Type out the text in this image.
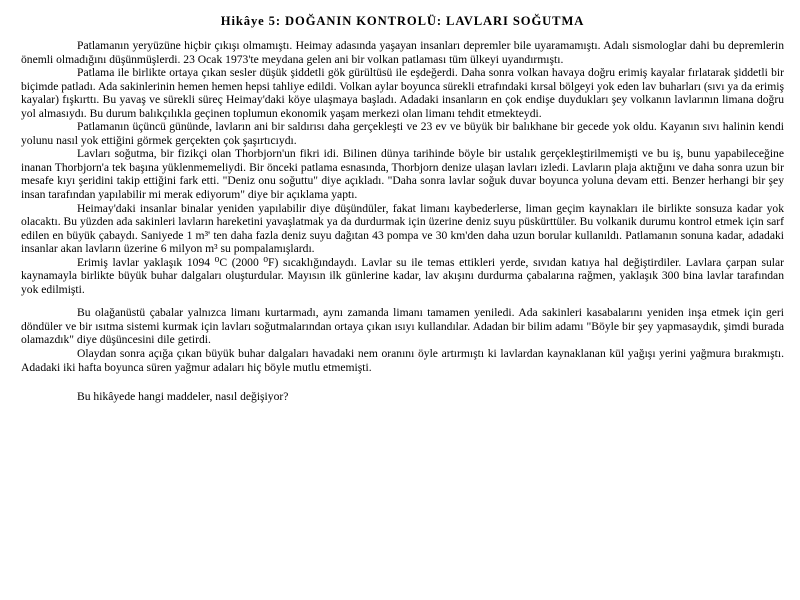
Hikâye 5: DOĞANIN KONTROLÜ: LAVLARI SOĞUTMA

Patlamanın yeryüzüne hiçbir çıkışı olmamıştı. Heimay adasında yaşayan insanları depremler bile uyaramamıştı. Adalı sismologlar dahi bu depremlerin önemli olmadığını düşünmüşlerdi. 23 Ocak 1973'te meydana gelen ani bir volkan patlaması tüm ülkeyi uyandırmıştı.

Patlama ile birlikte ortaya çıkan sesler düşük şiddetli gök gürültüsü ile eşdeğerdi. Daha sonra volkan havaya doğru erimiş kayalar fırlatarak şiddetli bir biçimde patladı. Ada sakinlerinin hemen hemen hepsi tahliye edildi. Volkan aylar boyunca sürekli etrafındaki kırsal bölgeyi yok eden lav buharları (sıvı ya da erimiş kayalar) fışkırttı. Bu yavaş ve sürekli süreç Heimay'daki köye ulaşmaya başladı. Adadaki insanların en çok endişe duydukları şey volkanın lavlarının limana doğru yol almasıydı. Bu durum balıkçılıkla geçinen toplumun ekonomik yaşam merkezi olan limanı tehdit etmekteydi.

Patlamanın üçüncü gününde, lavların ani bir saldırısı daha gerçekleşti ve 23 ev ve büyük bir balıkhane bir gecede yok oldu. Kayanın sıvı halinin kendi yolunu nasıl yok ettiğini görmek gerçekten çok şaşırtıcıydı.

Lavları soğutma, bir fizikçi olan Thorbjorn'un fikri idi. Bilinen dünya tarihinde böyle bir ustalık gerçekleştirilmemişti ve bu iş, bunu yapabileceğine inanan Thorbjorn'a tek başına yüklenmemeliydi. Bir önceki patlama esnasında, Thorbjorn denize ulaşan lavları izledi. Lavların plaja aktığını ve daha sonra uzun bir mesafe kıyı şeridini takip ettiğini fark etti. "Deniz onu soğuttu" diye açıkladı. "Daha sonra lavlar soğuk duvar boyunca yoluna devam etti. Benzer herhangi bir şey insan tarafından yapılabilir mi merak ediyorum" diye bir açıklama yaptı.

Heimay'daki insanlar binalar yeniden yapılabilir diye düşündüler, fakat limanı kaybederlerse, liman geçim kaynakları ile birlikte sonsuza kadar yok olacaktı. Bu yüzden ada sakinleri lavların hareketini yavaşlatmak ya da durdurmak için üzerine deniz suyu püskürttüler. Bu volkanik durumu kontrol etmek için sarf edilen en büyük çabaydı. Saniyede 1 m³' ten daha fazla deniz suyu dağıtan 43 pompa ve 30 km'den daha uzun borular kullanıldı. Patlamanın sonuna kadar, adadaki insanlar akan lavların üzerine 6 milyon m³ su pompalamışlardı.

Erimiş lavlar yaklaşık 1094 ⁰C (2000 ⁰F) sıcaklığındaydı. Lavlar su ile temas ettikleri yerde, sıvıdan katıya hal değiştirdiler. Lavlara çarpan sular kaynamayla birlikte büyük buhar dalgaları oluşturdular. Mayısın ilk günlerine kadar, lav akışını durdurma çabalarına rağmen, yaklaşık 300 bina lavlar tarafından yok edilmişti.

Bu olağanüstü çabalar yalnızca limanı kurtarmadı, aynı zamanda limanı tamamen yeniledi. Ada sakinleri kasabalarını yeniden inşa etmek için geri döndüler ve bir ısıtma sistemi kurmak için lavları soğutmalarından ortaya çıkan ısıyı kullandılar. Adadan bir bilim adamı "Böyle bir şey yapmasaydık, şimdi burada olamazdık" diye düşüncesini dile getirdi.

Olaydan sonra açığa çıkan büyük buhar dalgaları havadaki nem oranını öyle artırmıştı ki lavlardan kaynaklanan kül yağışı yerini yağmura bırakmıştı. Adadaki iki hafta boyunca süren yağmur adaları hiç böyle mutlu etmemişti.

Bu hikâyede hangi maddeler, nasıl değişiyor?
